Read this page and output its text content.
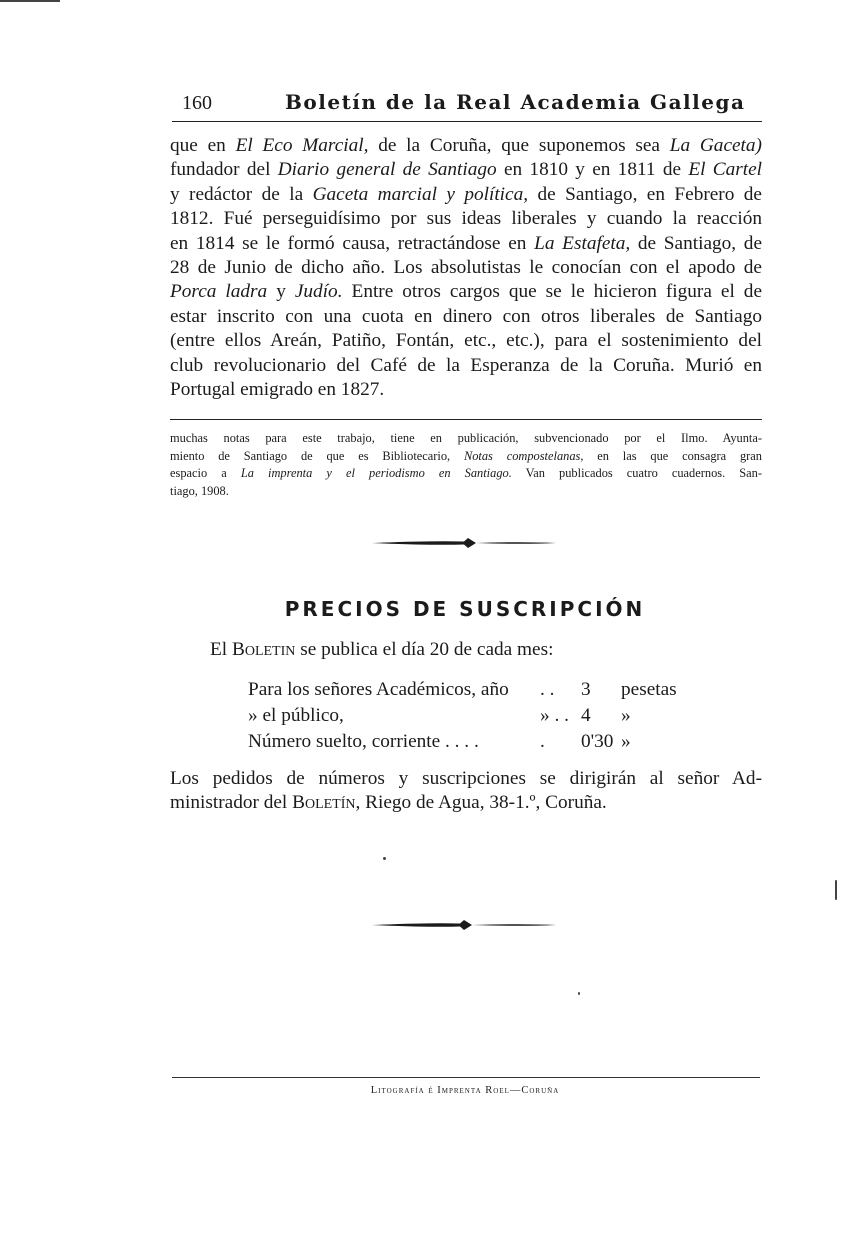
160	Boletín de la Real Academia Gallega
que en El Eco Marcial, de la Coruña, que suponemos sea La Gaceta)
fundador del Diario general de Santiago en 1810 y en 1811 de El Cartel
y redáctor de la Gaceta marcial y política, de Santiago, en Febrero de
1812. Fué perseguidísimo por sus ideas liberales y cuando la reacción
en 1814 se le formó causa, retractándose en La Estafeta, de Santiago, de
28 de Junio de dicho año. Los absolutistas le conocían con el apodo de
Porca ladra y Judío. Entre otros cargos que se le hicieron figura el de
estar inscrito con una cuota en dinero con otros liberales de Santiago
(entre ellos Areán, Patiño, Fontán, etc., etc.), para el sostenimiento del
club revolucionario del Café de la Esperanza de la Coruña. Murió en
Portugal emigrado en 1827.
muchas notas para este trabajo, tiene en publicación, subvencionado por el Ilmo. Ayunta-
miento de Santiago de que es Bibliotecario, Notas compostelanas, en las que consagra gran
espacio a La imprenta y el periodismo en Santiago. Van publicados cuatro cuadernos. San-
tiago, 1908.
PRECIOS DE SUSCRIPCIÓN
El Boletin se publica el día 20 de cada mes:
Para los señores Académicos, año . . 3 pesetas
» el público,	» . . 4 »
Número suelto, corriente . . . .	. 0'30 »
Los pedidos de números y suscripciones se dirigirán al señor Ad-
ministrador del Boletín, Riego de Agua, 38-1.º, Coruña.
Litografía é Imprenta Roel—Coruña
